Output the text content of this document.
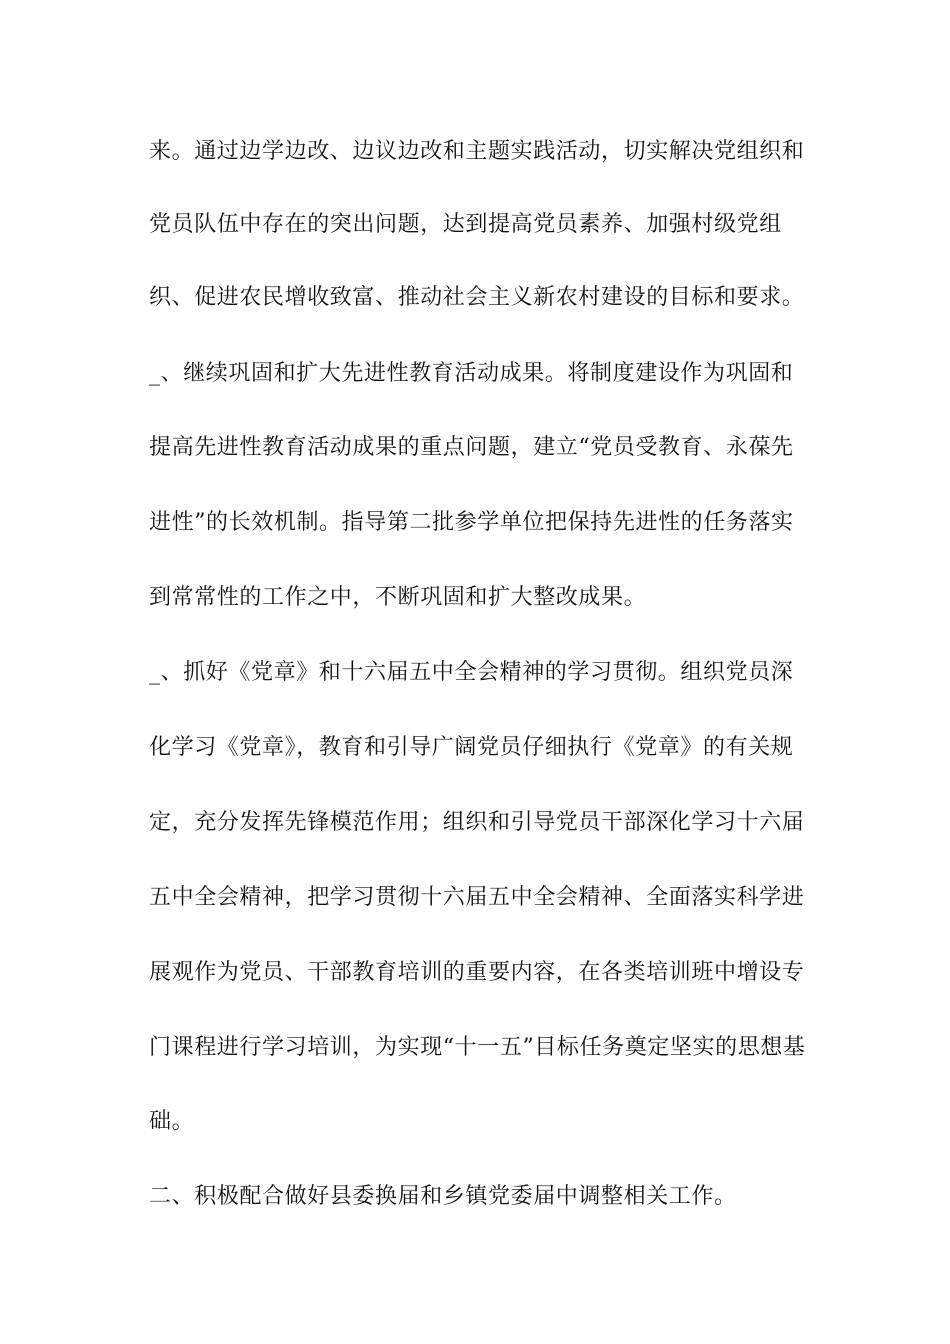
来。通过边学边改、边议边改和主题实践活动，切实解决党组织和
党员队伍中存在的突出问题，达到提高党员素养、加强村级党组
织、促进农民增收致富、推动社会主义新农村建设的目标和要求。
_、继续巩固和扩大先进性教育活动成果。将制度建设作为巩固和
提高先进性教育活动成果的重点问题，建立“党员受教育、永葆先
进性”的长效机制。指导第二批参学单位把保持先进性的任务落实
到常常性的工作之中，不断巩固和扩大整改成果。
_、抓好《党章》和十六届五中全会精神的学习贯彻。组织党员深
化学习《党章》，教育和引导广阔党员仔细执行《党章》的有关规
定，充分发挥先锋模范作用；组织和引导党员干部深化学习十六届
五中全会精神，把学习贯彻十六届五中全会精神、全面落实科学进
展观作为党员、干部教育培训的重要内容，在各类培训班中增设专
门课程进行学习培训，为实现“十一五”目标任务奠定坚实的思想基
础。
二、积极配合做好县委换届和乡镇党委届中调整相关工作。
